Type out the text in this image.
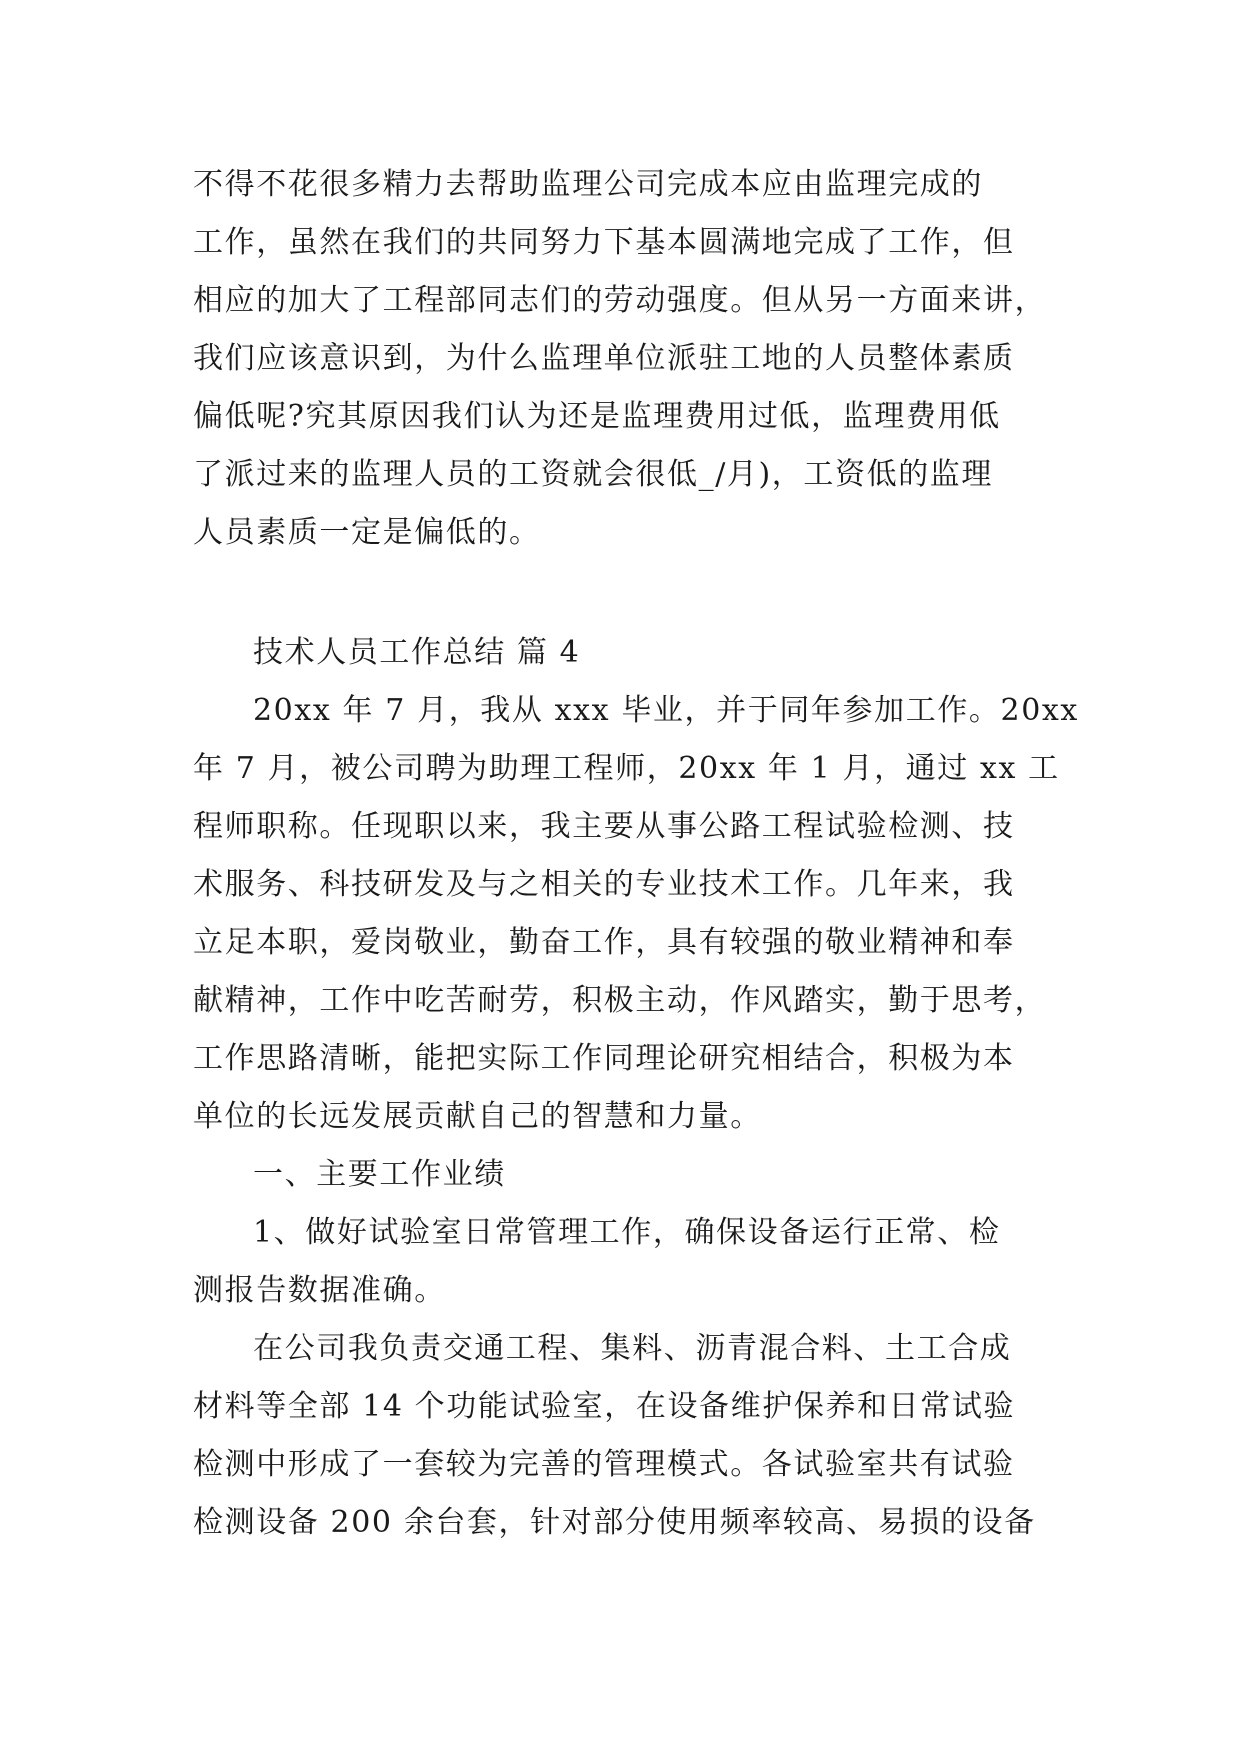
不得不花很多精力去帮助监理公司完成本应由监理完成的
工作，虽然在我们的共同努力下基本圆满地完成了工作，但
相应的加大了工程部同志们的劳动强度。但从另一方面来讲，
我们应该意识到，为什么监理单位派驻工地的人员整体素质
偏低呢?究其原因我们认为还是监理费用过低，监理费用低
了派过来的监理人员的工资就会很低_/月)，工资低的监理
人员素质一定是偏低的。
技术人员工作总结 篇 4
20xx 年 7 月，我从 xxx 毕业，并于同年参加工作。20xx
年 7 月，被公司聘为助理工程师，20xx 年 1 月，通过 xx 工
程师职称。任现职以来，我主要从事公路工程试验检测、技
术服务、科技研发及与之相关的专业技术工作。几年来，我
立足本职，爱岗敬业，勤奋工作，具有较强的敬业精神和奉
献精神，工作中吃苦耐劳，积极主动，作风踏实，勤于思考，
工作思路清晰，能把实际工作同理论研究相结合，积极为本
单位的长远发展贡献自己的智慧和力量。
一、主要工作业绩
1、做好试验室日常管理工作，确保设备运行正常、检
测报告数据准确。
在公司我负责交通工程、集料、沥青混合料、土工合成
材料等全部 14 个功能试验室，在设备维护保养和日常试验
检测中形成了一套较为完善的管理模式。各试验室共有试验
检测设备 200 余台套，针对部分使用频率较高、易损的设备
